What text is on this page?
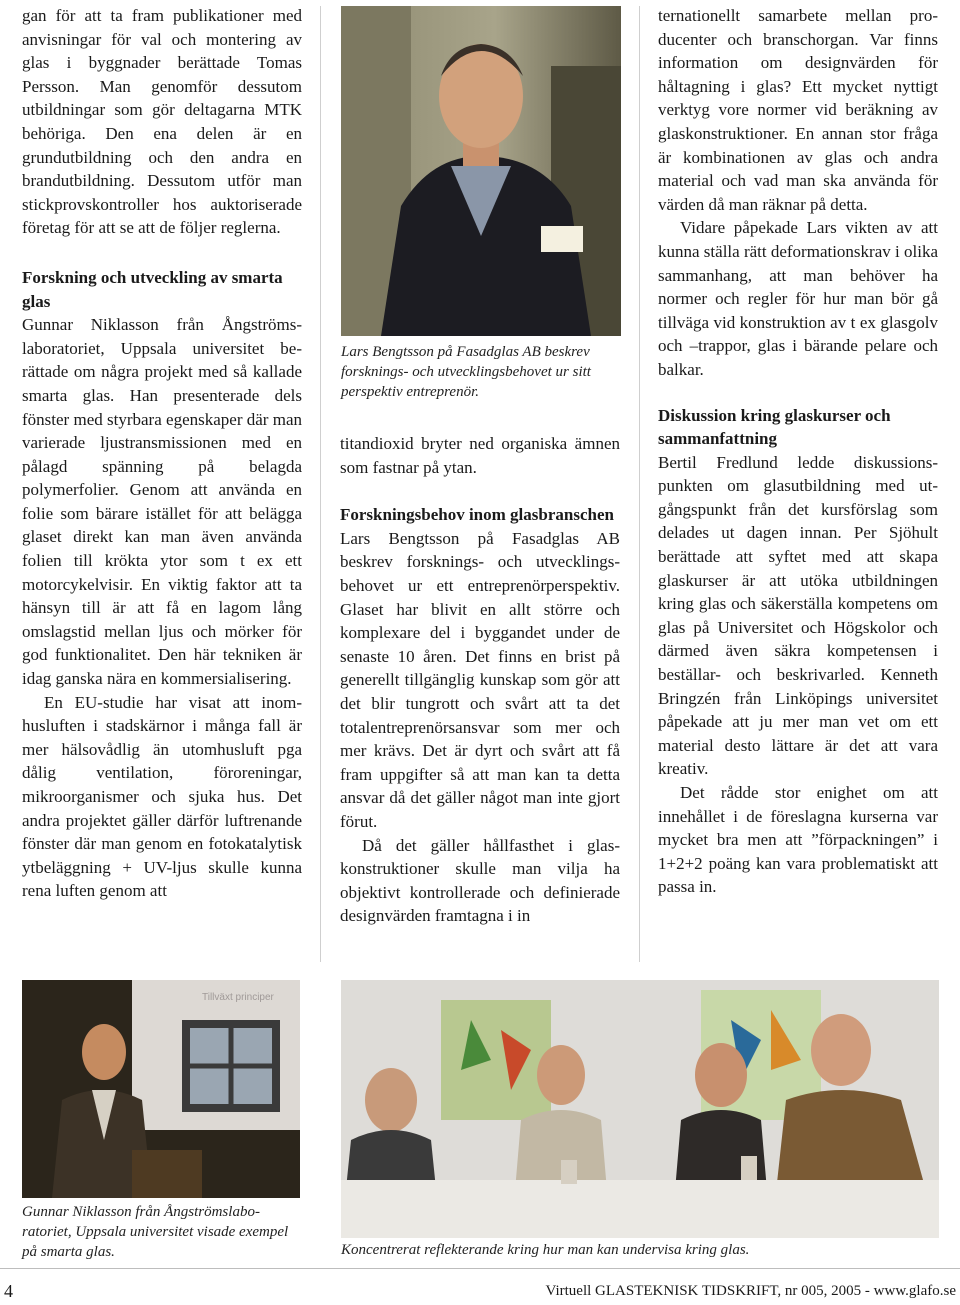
gan för att ta fram publikationer med anvisningar för val och montering av glas i byggnader berättade Tomas Persson. Man genomför dessutom utbildningar som gör deltagarna MTK behöriga. Den ena delen är en grundutbildning och den andra en brandutbildning. Dessutom utför man stickprovskontroller hos auktoriserade företag för att se att de följer reglerna.

Forskning och utveckling av smarta glas

Gunnar Niklasson från Ångströmslaboratoriet, Uppsala universitet berättade om några projekt med så kallade smarta glas. Han presenterade dels fönster med styrbara egenskaper där man varierade ljustransmissionen med en pålagd spänning på belagda polymerfolier. Genom att använda en folie som bärare istället för att belägga glaset direkt kan man även använda folien till krökta ytor som t ex ett motorcykelvisir. En viktig faktor att ta hänsyn till är att få en lagom lång omslagstid mellan ljus och mörker för god funktionalitet. Den här tekniken är idag ganska nära en kommersialisering.

En EU-studie har visat att inomhusluften i stadskärnor i många fall är mer hälsovådlig än utomhusluft pga dålig ventilation, föroreningar, mikroorganismer och sjuka hus. Det andra projektet gäller därför luftrenande fönster där man genom en fotokatalytisk ytbeläggning + UV-ljus skulle kunna rena luften genom att

Lars Bengtsson på Fasadglas AB beskrev forsknings- och utvecklingsbehovet ur sitt perspektiv entreprenör.

titandioxid bryter ned organiska ämnen som fastnar på ytan.

Forskningsbehov inom glasbranschen

Lars Bengtsson på Fasadglas AB beskrev forsknings- och utvecklingsbehovet ur ett entreprenörperspektiv. Glaset har blivit en allt större och komplexare del i byggandet under de senaste 10 åren. Det finns en brist på generellt tillgänglig kunskap som gör att det blir tungrott och svårt att ta det totalentreprenörsansvar som mer och mer krävs. Det är dyrt och svårt att få fram uppgifter så att man kan ta detta ansvar då det gäller något man inte gjort förut.

Då det gäller hållfasthet i glaskonstruktioner skulle man vilja ha objektivt kontrollerade och definierade designvärden framtagna i in

ternationellt samarbete mellan producenter och branschorgan. Var finns information om designvärden för håltagning i glas? Ett mycket nyttigt verktyg vore normer vid beräkning av glaskonstruktioner. En annan stor fråga är kombinationen av glas och andra material och vad man ska använda för värden då man räknar på detta.

Vidare påpekade Lars vikten av att kunna ställa rätt deformationskrav i olika sammanhang, att man behöver ha normer och regler för hur man bör gå tillväga vid konstruktion av t ex glasgolv och –trappor, glas i bärande pelare och balkar.

Diskussion kring glaskurser och sammanfattning

Bertil Fredlund ledde diskussionspunkten om glasutbildning med utgångspunkt från det kursförslag som delades ut dagen innan. Per Sjöhult berättade att syftet med att skapa glaskurser är att utöka utbildningen kring glas och säkerställa kompetens om glas på Universitet och Högskolor och därmed även säkra kompetensen i beställar- och beskrivarled. Kenneth Bringzén från Linköpings universitet påpekade att ju mer man vet om ett material desto lättare är det att vara kreativ.

Det rådde stor enighet om att innehållet i de föreslagna kurserna var mycket bra men att ”förpackningen” i 1+2+2 poäng kan vara problematiskt att passa in.

Tillväxt principer
Gunnar Niklasson från Ångströmslaboratoriet, Uppsala universitet visade exempel på smarta glas.	Koncentrerat reflekterande kring hur man kan undervisa kring glas.
4	Virtuell GLASTEKNISK TIDSKRIFT, nr 005, 2005 - www.glafo.se
